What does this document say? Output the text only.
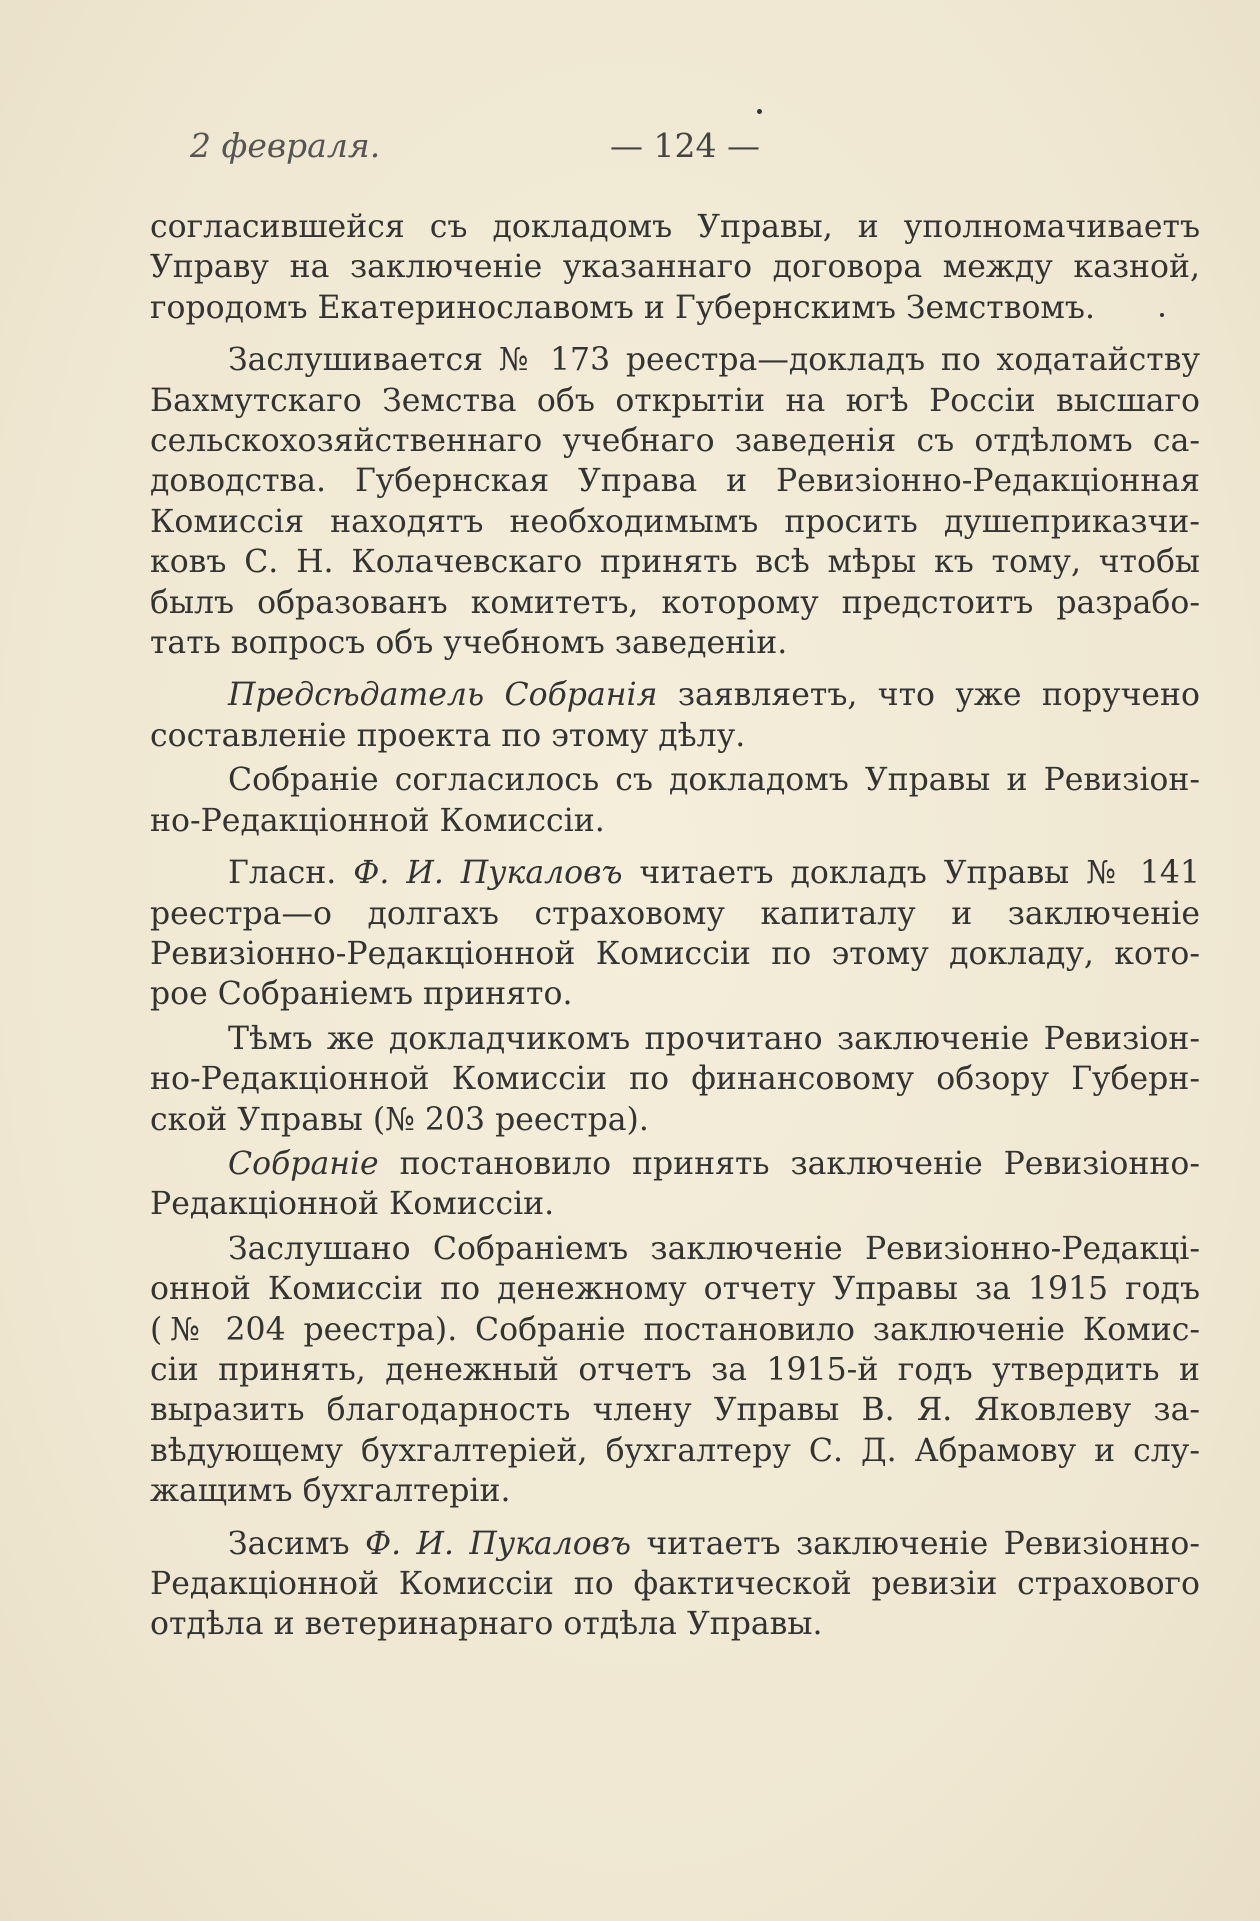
2 февраля.	— 124 —

согласившейся съ докладомъ Управы, и уполномачиваетъ

Управу на заключеніе указаннаго договора между казной,

городомъ Екатеринославомъ и Губернскимъ Земствомъ.

Заслушивается № 173 реестра—докладъ по ходатайству

Бахмутскаго Земства объ открытіи на югѣ Россіи высшаго

сельскохозяйственнаго учебнаго заведенія съ отдѣломъ са-

доводства. Губернская Управа и Ревизіонно-Редакціонная

Комиссія находятъ необходимымъ просить душеприказчи-

ковъ С. Н. Колачевскаго принять всѣ мѣры къ тому, чтобы

былъ образованъ комитетъ, которому предстоитъ разрабо-

тать вопросъ объ учебномъ заведеніи.

Предсѣдатель Собранія заявляетъ, что уже поручено

составленіе проекта по этому дѣлу.

Собраніе согласилось съ докладомъ Управы и Ревизіон-

но-Редакціонной Комиссіи.

Гласн. Ф. И. Пукаловъ читаетъ докладъ Управы № 141

реестра—о долгахъ страховому капиталу и заключеніе

Ревизіонно-Редакціонной Комиссіи по этому докладу, кото-

рое Собраніемъ принято.

Тѣмъ же докладчикомъ прочитано заключеніе Ревизіон-

но-Редакціонной Комиссіи по финансовому обзору Губерн-

ской Управы (№ 203 реестра).

Собраніе постановило принять заключеніе Ревизіонно-

Редакціонной Комиссіи.

Заслушано Собраніемъ заключеніе Ревизіонно-Редакці-

онной Комиссіи по денежному отчету Управы за 1915 годъ

(№ 204 реестра). Собраніе постановило заключеніе Комис-

сіи принять, денежный отчетъ за 1915-й годъ утвердить и

выразить благодарность члену Управы В. Я. Яковлеву за-

вѣдующему бухгалтеріей, бухгалтеру С. Д. Абрамову и слу-

жащимъ бухгалтеріи.

Засимъ Ф. И. Пукаловъ читаетъ заключеніе Ревизіонно-

Редакціонной Комиссіи по фактической ревизіи страхового

отдѣла и ветеринарнаго отдѣла Управы.
